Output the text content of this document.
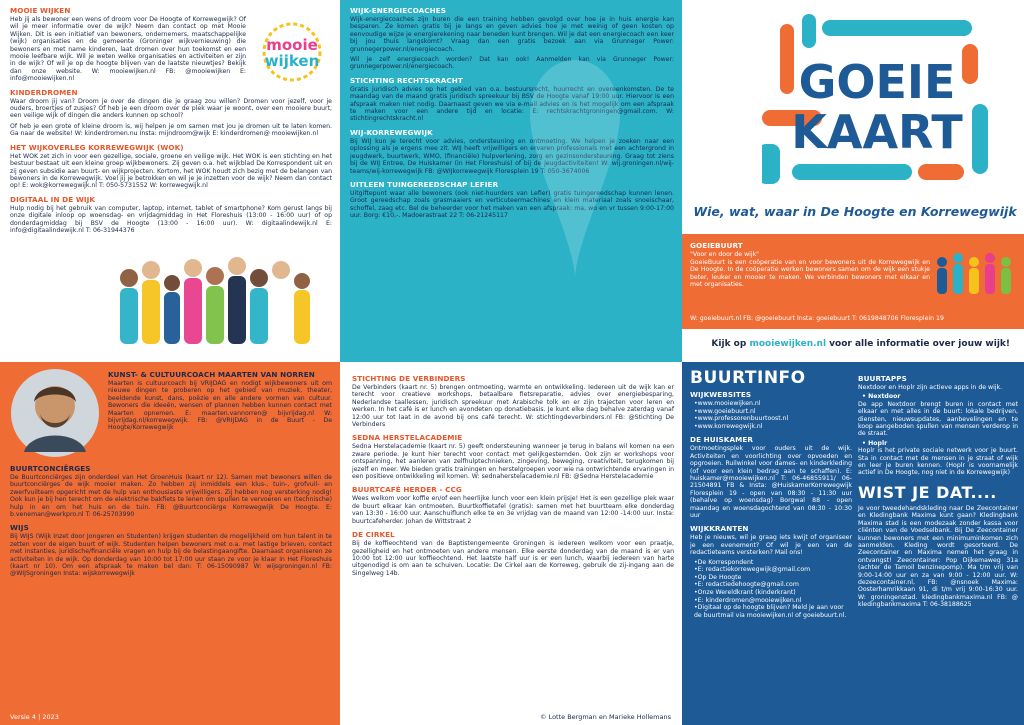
MOOIE WIJKEN
mooie
wijken
Heb jij als bewoner een wens of droom voor De Hoogte of Korrewegwijk? Of wil je meer informatie over de wijk? Neem dan contact op met Mooie Wijken. Dit is een initiatief van bewoners, ondernemers, maatschappelijke (wijk) organisaties en de gemeente (Groninger wijkvernieuwing) die bewoners en met name kinderen, laat dromen over hun toekomst en een mooie leefbare wijk. Wil je weten welke organisaties en activiteiten er zijn in de wijk? Of wil je op de hoogte blijven van de laatste nieuwtjes? Bekijk dan onze website. W: mooiewijken.nl FB: @mooiewijken E: info@mooiewijken.nl
KINDERDROMEN
Waar droom jij van? Droom je over de dingen die je graag zou willen? Dromen voor jezelf, voor je ouders, broertjes of zusjes? Of heb je een droom over de plek waar je woont, over een mooiere buurt, een veilige wijk of dingen die anders kunnen op school?
Of heb je een grote of kleine droom is, wij helpen je om samen met jou je dromen uit te laten komen. Ga naar de website! W: kinderdromen.nu Insta: mijndroom@wijk E: kinderdromen@ mooiewijken.nl
HET WIJKOVERLEG KORREWEGWIJK (WOK)
Het WOK zet zich in voor een gezellige, sociale, groene en veilige wijk. Het WOK is een stichting en het bestuur bestaat uit een kleine groep wijkbewoners. Zij geven o.a. het wijkblad De Korrespondent uit en zij geven subsidie aan buurt- en wijkprojecten. Kortom, het WOK houdt zich bezig met de belangen van bewoners in de Korrewegwijk. Voel jij je betrokken en wil je je inzetten voor de wijk? Neem dan contact op! E: wok@korrewegwijk.nl T: 050-5731552 W: korrewegwijk.nl
DIGITAAL IN DE WIJK
Hulp nodig bij het gebruik van computer, laptop, internet, tablet of smartphone? Kom gerust langs bij onze digitale inloop op woensdag- en vrijdagmiddag in Het Floreshuis (13:00 - 16:00 uur) of op donderdagmiddag bij BSV de Hoogte (13:00 - 16:00 uur). W: digitaalindewijk.nl E: info@digitaalindewijk.nl T: 06-31944376
WIJK-ENERGIECOACHES
Wijk-energiecoaches zijn buren die een training hebben gevolgd over hoe je in huis energie kan besparen. Ze komen gratis bij je langs en geven advies hoe je met weinig of geen kosten op eenvoudige wijze je energierekening naar beneden kunt brengen. Wil je dat een energiecoach een keer bij jou thuis langskomt? Vraag dan een gratis bezoek aan via Grunneger Power: grunnegerpower.nl/energiecoach.
Wil je zelf energiecoach worden? Dat kan ook! Aanmelden kan via Grunneger Power: grunnegerpower.nl/energiecoach.
STICHTING RECHTSKRACHT
Gratis juridisch advies op het gebied van o.a. bestuursrecht, huurrecht en overeenkomsten. De te maandag van de maand gratis juridisch spreekuur bij BSV de Hoogte vanaf 19:00 uur. Hiervoor is een afspraak maken niet nodig. Daarnaast geven we via e-mail advies en is het mogelijk om een afspraak te maken voor een andere tijd en locatie: E: rechtskrachtgroningen@gmail.com. W: stichtingrechtskracht.nl
WIJ-KORREWEGWIJK
Bij WIJ kun je terecht voor advies, ondersteuning en ontmoeting. We helpen je zoeken naar een oplossing als je ergens mee zit. WIJ heeft vrijwilligers en ervaren professionals met een achtergrond in jeugdwerk, buurtwerk, WMO, (financiële) hulpverlening, zorg en gezinsondersteuning. Graag tot ziens bij de WIJ Entree, De Huiskamer (in Het Floreshuis) of bij de jeugdactiviteiten! W: wij.groningen.nl/wij-teams/wij-korrewegwijk FB: @WIJkorrewegwijk Floresplein 19 T: 050-3674006
UITLEEN TUINGEREEDSCHAP LEFIER
Uitgiftepunt waar alle bewoners (ook niet-huurders van Lefier) gratis tuingereedschap kunnen lenen. Groot gereedschap zoals grasmaaiers en verticuteermachines en klein materiaal zoals snoeischaar, schoffel, zaag etc. Bel de beheerder voor het maken van een afspraak: ma, wo en vr tussen 9:00-17:00 uur. Borg: €10,-. Madoerastraat 22 T: 06-21245117
GOEIE
KAART
Wie, wat, waar in De Hoogte en Korrewegwijk
GOEIEBUURT
"Voor en door de wijk"
GoeieBuurt is een coöperatie van en voor bewoners uit de Korrewegwijk en De Hoogte. In de coöperatie werken bewoners samen om de wijk een stukje beter, leuker en mooier te maken. We verbinden bewoners met elkaar en met organisaties.
W: goeiebuurt.nl FB: @goeiebuurt Insta: goeiebuurt T: 0619848706 Floresplein 19
Kijk op mooiewijken.nl voor alle informatie over jouw wijk!
KUNST- & CULTUURCOACH MAARTEN VAN NORREN
Maarten is cultuurcoach bij VRIJDAG en nodigt wijkbewoners uit om nieuwe dingen te proberen op het gebied van muziek, theater, beeldende kunst, dans, poëzie en alle andere vormen van cultuur. Bewoners die ideeën, wensen of plannen hebben kunnen contact met Maarten opnemen. E: maarten.vannorren@ bijvrijdag.nl W: bijvrijdag.nl/korrewegwijk. FB: @VRIJDAG in de Buurt - De Hoogte/Korrewegwijk
BUURTCONCIËRGES
De Buurtconciërges zijn onderdeel van Het GroenHuis (kaart nr 12). Samen met bewoners willen de buurtconciërges de wijk mooier maken. Zo hebben zij inmiddels een klus-, tuin-, grofvuil- en zwerfvuilteam opgericht met de hulp van enthousiaste vrijwilligers. Zij hebben nog versterking nodig! Ook kun je bij hen terecht om de elektrische bakfiets te lenen om spullen te vervoeren en (technische) hulp in en om het huis en de tuin. FB: @Buurtconciërge Korrewegwijk De Hoogte. E: b.veneman@werkpro.nl T: 06-25703990
WIJS
Bij WIJS (Wijk Inzet door Jongeren en Studenten) krijgen studenten de mogelijkheid om hun talent in te zetten voor de eigen buurt of wijk. Studenten helpen bewoners met o.a. met lastige brieven, contact met instanties, juridische/financiële vragen en hulp bij de belastingaangifte. Daarnaast organiseren ze activiteiten in de wijk. Op donderdag van 10:00 tot 17:00 uur staan ze voor je klaar in Het Floreshuis (kaart nr 10). Om een afspraak te maken bel dan: T: 06-15090987 W: wijsgroningen.nl FB: @WIJSgroningen Insta: wijskorrewegwijk
Versie 4 | 2023
STICHTING DE VERBINDERS
De Verbinders (kaart nr. 5) brengen ontmoeting, warmte en ontwikkeling. Iedereen uit de wijk kan er terecht voor creatieve workshops, betaalbare fietsreparatie, advies over energiebesparing, Nederlandse taallessen, juridisch spreekuur met Arabische tolk en er zijn trajecten voor leren en werken. In het café is er lunch en avondeten op donatiebasis. Je kunt elke dag behalve zaterdag vanaf 12:00 uur tot laat in de avond bij ons café terecht. W: stichtingdeverbinders.nl FB: @Stichting De Verbinders
SEDNA HERSTELACADEMIE
Sedna Herstelacademie (kaart nr. 5) geeft ondersteuning wanneer je terug in balans wil komen na een zware periode. Je kunt hier terecht voor contact met gelijkgestemden. Ook zijn er workshops voor ontspanning, het aanleren van zelfhulptechnieken, zingeving, beweging, creativiteit, terugkomen bij jezelf en meer. We bieden gratis trainingen en herstelgroepen voor wie na ontwrichtende ervaringen in een positieve ontwikkeling wil komen. W: sednaherstelacademie.nl FB: @Sedna Herstelacademie
BUURTCAFÉ HERDER - CCG
Wees welkom voor koffie en/of een heerlijke lunch voor een klein prijsje! Het is een gezellige plek waar de buurt elkaar kan ontmoeten. Buurtkoffietafel (gratis): samen met het buurtteam elke donderdag van 13:30 - 16:00 uur. Aanschuiflunch elke te en 3e vrijdag van de maand van 12:00 -14:00 uur. Insta: buurtcafeherder. Johan de Wittstraat 2
DE CIRKEL
Bij de koffieochtend van de Baptistengemeente Groningen is iedereen welkom voor een praatje, gezelligheid en het ontmoeten van andere mensen. Elke eerste donderdag van de maand is er van 10:00 tot 12:00 uur koffieochtend. Het laatste half uur is er een lunch, waarbij iedereen van harte uitgenodigd is om aan te schuiven. Locatie: De Cirkel aan de Korreweg, gebruik de zij-ingang aan de Singelweg 14b.
© Lotte Bergman en Marieke Hollemans
BUURTINFO
WIJKWEBSITES
• www.mooiewijken.nl
• www.goeiebuurt.nl
• www.professorenbuurtoost.nl
• www.korrewegwijk.nl
DE HUISKAMER
Ontmoetingsplek voor ouders uit de wijk. Activiteiten en voorlichting over opvoeden en opgroeien. Ruilwinkel voor dames- en kinderkleding (of voor een klein bedrag aan te schaffen). E: huiskamer@mooiewijken.nl T: 06-46855911/ 06-21504891 FB & Insta: @HuiskamerKorrewegwijk Floresplein 19 - open van 08:30 - 11:30 uur (behalve op woensdag) Borgwal 88 - open maandag en woensdagochtend van 08:30 - 10:30 uur
WIJKKRANTEN
Heb je nieuws, wil je graag iets kwijt of organiseer je een evenement? Of wil je een van de redactieteams versterken? Mail ons!
• De Korrespondent
• E: redactiekorrewegwijk@gmail.com
• Op De Hoogte
• E: redactiedehoogte@gmail.com
• Onze Wereldkrant (kinderkrant)
• E: kinderdromen@mooiewijken.nl
• Digitaal op de hoogte blijven? Meld je aan voor de buurtmail via mooiewijken.nl of goeiebuurt.nl.
BUURTAPPS
Nextdoor en Hoplr zijn actieve apps in de wijk.
• Nextdoor
De app Nextdoor brengt buren in contact met elkaar en met alles in de buurt: lokale bedrijven, diensten, nieuwsupdates, aanbevelingen en te koop aangeboden spullen van mensen verderop in de straat.
• Hoplr
Hoplr is het private sociale netwerk voor je buurt. Sta in contact met de mensen in je straat of wijk en leer je buren kennen. (Hoplr is voornamelijk actief in De Hoogte, nog niet in de Korrewegwijk)
WIST JE DAT....
Je voor tweedehandskleding naar De Zeecontainer en Kledingbank Maxima kunt gaan? Kledingbank Maxima stad is een modezaak zonder kassa voor cliënten van de Voedselbank. Bij De Zeecontainer kunnen bewoners met een minimuminkomen zich aanmelden. Kleding wordt gesorteerd. De Zeecontainer en Maxima nemen het graag in ontvangst! Zeecontainer: Pop Dijkemaweg 31a (achter de Tamoil benzinepomp). Ma t/m vrij van 9:00-14:00 uur en za van 9:00 - 12:00 uur. W: dezeecontainer.nl, FB: @nsnoek Maxima: Oosterhamrikkaan 91, di t/m vrij 9:00-16:30 uur. W: groningenstad. kledingbankmaxima.nl FB: @ kledingbankmaxima T: 06-38188625
